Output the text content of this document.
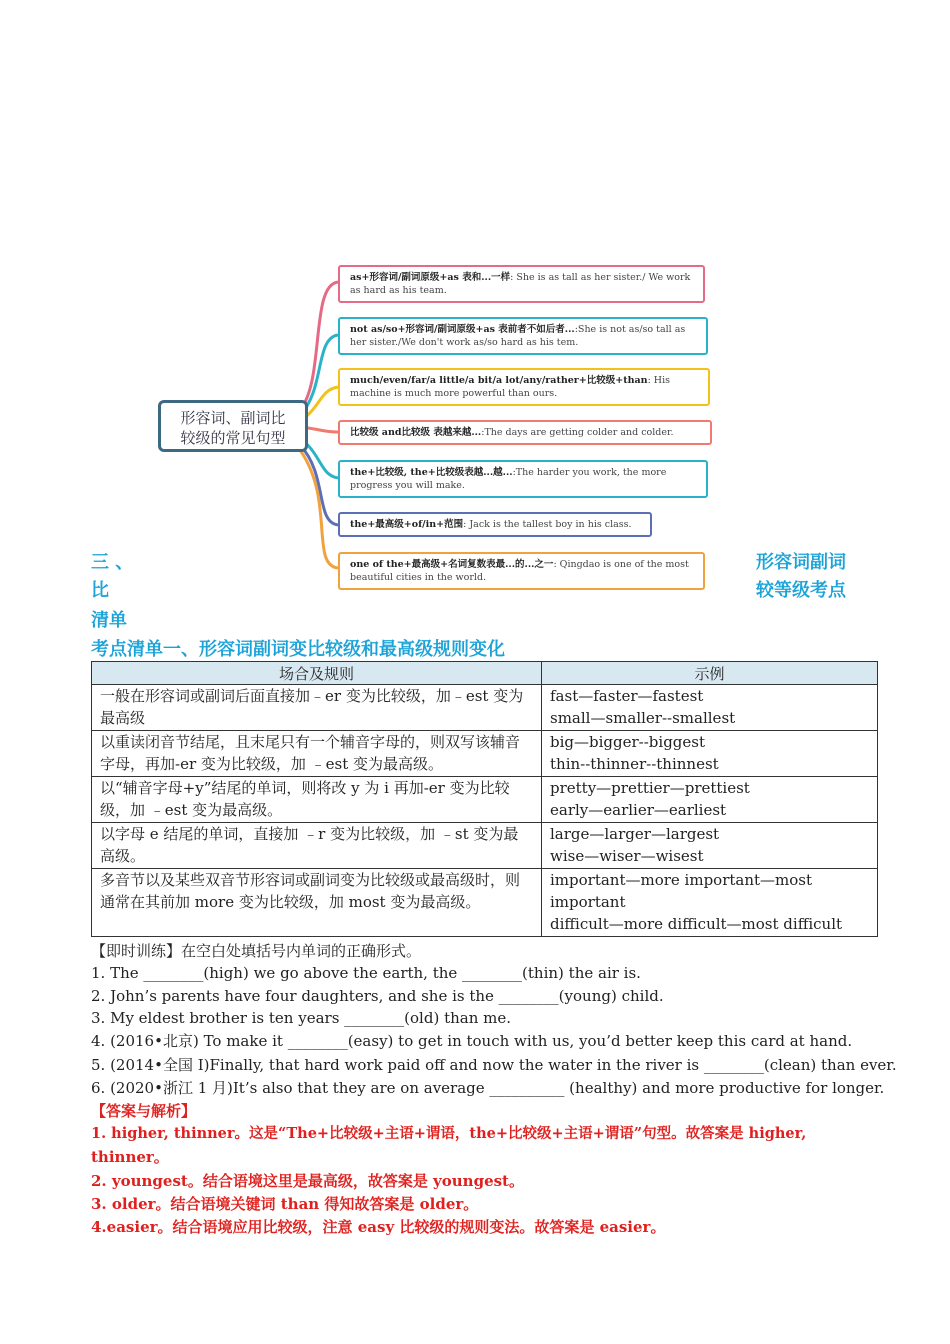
形容词、副词比
较级的常见句型
as+形容词/副词原级+as 表和...一样: She is as tall as her sister./ We work as hard as his team.
not as/so+形容词/副词原级+as 表前者不如后者...:She is not as/so tall as her sister./We don't work as/so hard as his tem.
much/even/far/a little/a bit/a lot/any/rather+比较级+than: His machine is much more powerful than ours.
比较级 and比较级 表越来越...:The days are getting colder and colder.
the+比较级, the+比较级表越...越...:The harder you work, the more progress you will make.
the+最高级+of/in+范围: Jack is the tallest boy in his class.
one of the+最高级+名词复数表最...的...之一: Qingdao is one of the most beautiful cities in the world.
三 、
比
清单
形容词副词
较等级考点
考点清单一、形容词副词变比较级和最高级规则变化
场合及规则	示例
一般在形容词或副词后面直接加﹣er 变为比较级，加﹣est 变为最高级	fast—faster—fastest
small—smaller--smallest

以重读闭音节结尾，且末尾只有一个辅音字母的，则双写该辅音字母，再加-er 变为比较级，加 ﹣est 变为最高级。	big—bigger--biggest
thin--thinner--thinnest

以“辅音字母+y”结尾的单词，则将改 y 为 i 再加-er 变为比较级，加 ﹣est 变为最高级。	pretty—prettier—prettiest
early—earlier—earliest

以字母 e 结尾的单词，直接加 ﹣r 变为比较级，加 ﹣st 变为最高级。	large—larger—largest
wise—wiser—wisest

多音节以及某些双音节形容词或副词变为比较级或最高级时，则通常在其前加 more 变为比较级，加 most 变为最高级。	important—more important—most important
difficult—more difficult—most difficult
【即时训练】在空白处填括号内单词的正确形式。
1. The ________(high) we go above the earth, the ________(thin) the air is.
2. John’s parents have four daughters, and she is the ________(young) child.
3. My eldest brother is ten years ________(old) than me.
4. (2016•北京) To make it ________(easy) to get in touch with us, you’d better keep this card at hand.
5. (2014•全国 I)Finally, that hard work paid off and now the water in the river is ________(clean) than ever.
6. (2020•浙江 1 月)It’s also that they are on average __________ (healthy) and more productive for longer.
【答案与解析】
1. higher, thinner。这是“The+比较级+主语+谓语，the+比较级+主语+谓语”句型。故答案是 higher,
thinner。
2. youngest。结合语境这里是最高级，故答案是 youngest。
3. older。结合语境关键词 than 得知故答案是 older。
4.easier。结合语境应用比较级，注意 easy 比较级的规则变法。故答案是 easier。
